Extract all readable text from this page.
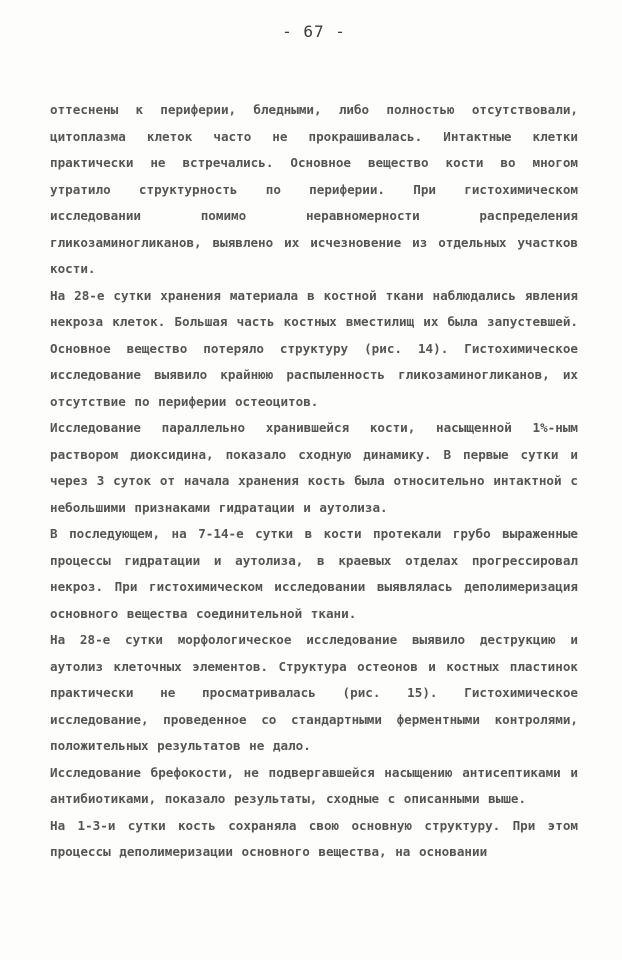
- 67 -

оттеснены к периферии, бледными, либо полностью отсутствовали, цитоплазма клеток часто не прокрашивалась. Интактные клетки практически не встречались. Основное вещество кости во многом утратило структурность по периферии. При гистохимическом исследовании помимо неравномерности распределения гликозаминогликанов, выявлено их исчезновение из отдельных участков кости.

На 28-е сутки хранения материала в костной ткани наблюдались явления некроза клеток. Большая часть костных вместилищ их была запустевшей. Основное вещество потеряло структуру (рис. 14). Гистохимическое исследование выявило крайнюю распыленность гликозаминогликанов, их отсутствие по периферии остеоцитов.

Исследование параллельно хранившейся кости, насыщенной 1%-ным раствором диоксидина, показало сходную динамику. В первые сутки и через 3 суток от начала хранения кость была относительно интактной с небольшими признаками гидратации и аутолиза.

В последующем, на 7-14-е сутки в кости протекали грубо выраженные процессы гидратации и аутолиза, в краевых отделах прогрессировал некроз. При гистохимическом исследовании выявлялась деполимеризация основного вещества соединительной ткани.

На 28-е сутки морфологическое исследование выявило деструкцию и аутолиз клеточных элементов. Структура остеонов и костных пластинок практически не просматривалась (рис. 15). Гистохимическое исследование, проведенное со стандартными ферментными контролями, положительных результатов не дало.

Исследование брефокости, не подвергавшейся насыщению антисептиками и антибиотиками, показало результаты, сходные с описанными выше.

На 1-3-и сутки кость сохраняла свою основную структуру. При этом процессы деполимеризации основного вещества, на основании
